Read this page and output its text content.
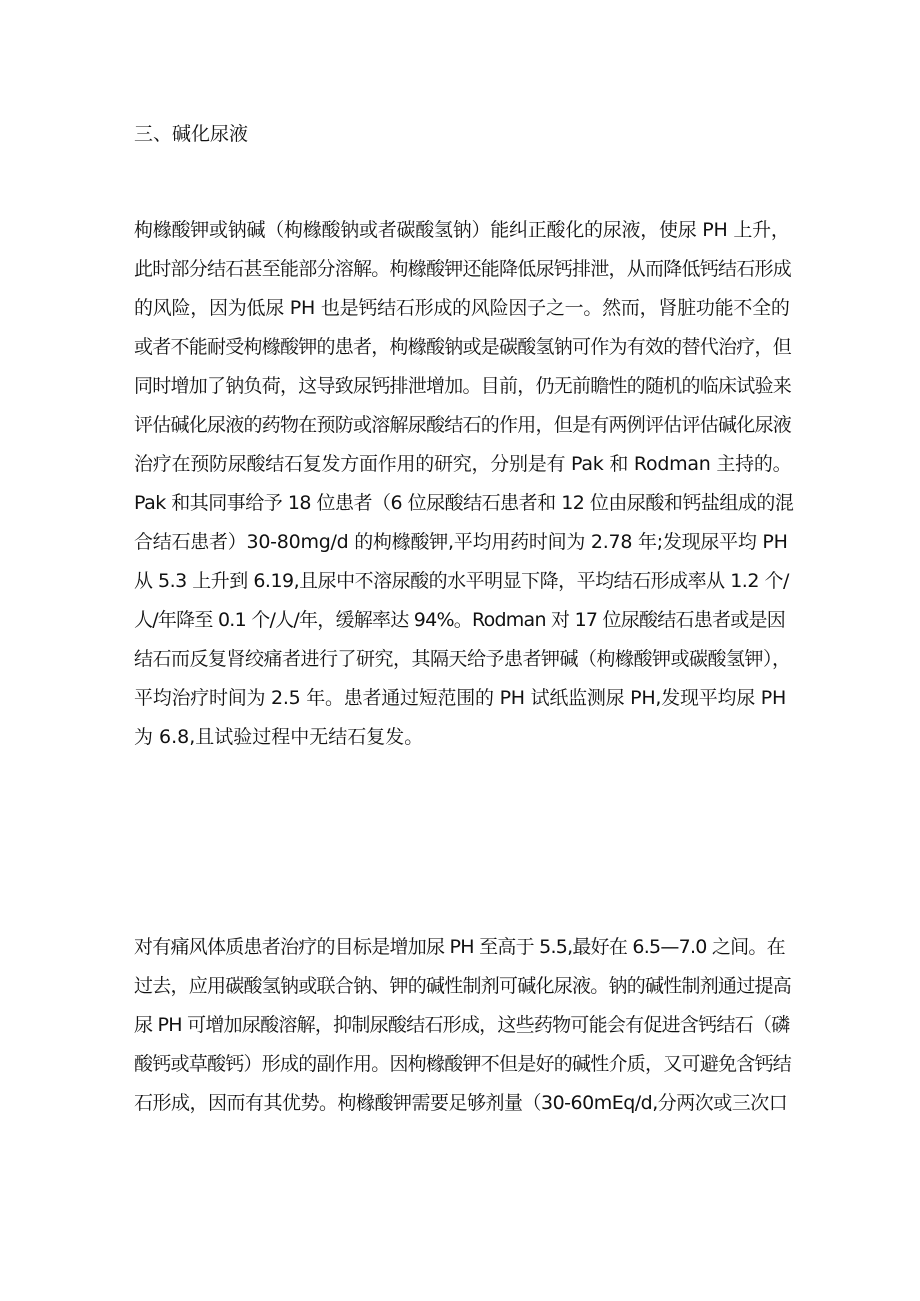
三、碱化尿液
枸橼酸钾或钠碱（枸橼酸钠或者碳酸氢钠）能纠正酸化的尿液，使尿 PH 上升，
此时部分结石甚至能部分溶解。枸橼酸钾还能降低尿钙排泄，从而降低钙结石形成
的风险，因为低尿 PH 也是钙结石形成的风险因子之一。然而，肾脏功能不全的
或者不能耐受枸橼酸钾的患者，枸橼酸钠或是碳酸氢钠可作为有效的替代治疗，但
同时增加了钠负荷，这导致尿钙排泄增加。目前，仍无前瞻性的随机的临床试验来
评估碱化尿液的药物在预防或溶解尿酸结石的作用，但是有两例评估评估碱化尿液
治疗在预防尿酸结石复发方面作用的研究，分别是有 Pak 和 Rodman 主持的。
Pak 和其同事给予 18 位患者（6 位尿酸结石患者和 12 位由尿酸和钙盐组成的混
合结石患者）30-80mg/d 的枸橼酸钾,平均用药时间为 2.78 年;发现尿平均 PH
从 5.3 上升到 6.19,且尿中不溶尿酸的水平明显下降，平均结石形成率从 1.2 个/
人/年降至 0.1 个/人/年，缓解率达 94%。Rodman 对 17 位尿酸结石患者或是因
结石而反复肾绞痛者进行了研究，其隔天给予患者钾碱（枸橼酸钾或碳酸氢钾），
平均治疗时间为 2.5 年。患者通过短范围的 PH 试纸监测尿 PH,发现平均尿 PH
为 6.8,且试验过程中无结石复发。
对有痛风体质患者治疗的目标是增加尿 PH 至高于 5.5,最好在 6.5—7.0 之间。在
过去，应用碳酸氢钠或联合钠、钾的碱性制剂可碱化尿液。钠的碱性制剂通过提高
尿 PH 可增加尿酸溶解，抑制尿酸结石形成，这些药物可能会有促进含钙结石（磷
酸钙或草酸钙）形成的副作用。因枸橼酸钾不但是好的碱性介质，又可避免含钙结
石形成，因而有其优势。枸橼酸钾需要足够剂量（30-60mEq/d,分两次或三次口
